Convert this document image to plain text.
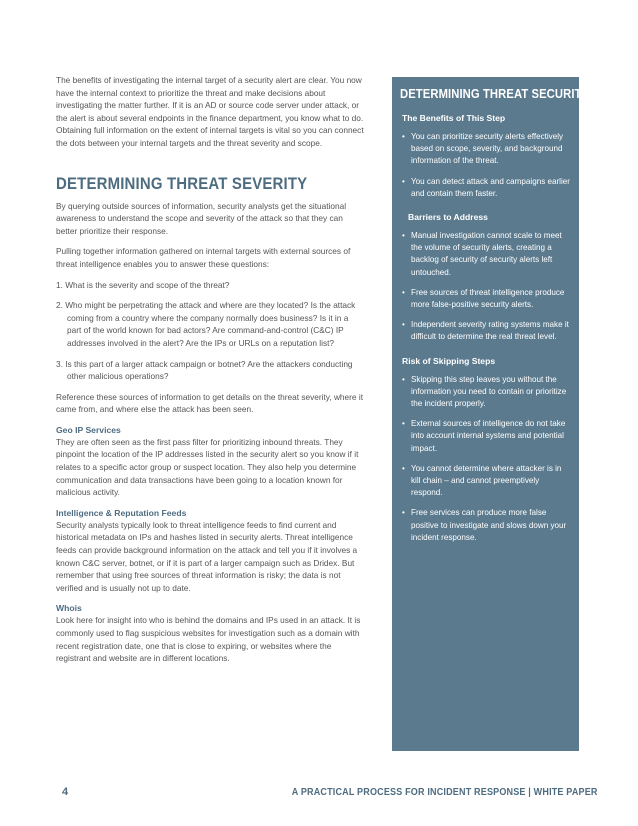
The benefits of investigating the internal target of a security alert are clear. You now have the internal context to prioritize the threat and make decisions about investigating the matter further. If it is an AD or source code server under attack, or the alert is about several endpoints in the finance department, you know what to do. Obtaining full information on the extent of internal targets is vital so you can connect the dots between your internal targets and the threat severity and scope.

DETERMINING THREAT SEVERITY

By querying outside sources of information, security analysts get the situational awareness to understand the scope and severity of the attack so that they can better prioritize their response.

Pulling together information gathered on internal targets with external sources of threat intelligence enables you to answer these questions:

1. What is the severity and scope of the threat?

2. Who might be perpetrating the attack and where are they located? Is the attack coming from a country where the company normally does business? Is it in a part of the world known for bad actors? Are command-and-control (C&C) IP addresses involved in the alert? Are the IPs or URLs on a reputation list?

3. Is this part of a larger attack campaign or botnet? Are the attackers conducting other malicious operations?

Reference these sources of information to get details on the threat severity, where it came from, and where else the attack has been seen.

Geo IP Services

They are often seen as the first pass filter for prioritizing inbound threats. They pinpoint the location of the IP addresses listed in the security alert so you know if it relates to a specific actor group or suspect location. They also help you determine communication and data transactions have been going to a location known for malicious activity.

Intelligence & Reputation Feeds

Security analysts typically look to threat intelligence feeds to find current and historical metadata on IPs and hashes listed in security alerts. Threat intelligence feeds can provide background information on the attack and tell you if it involves a known C&C server, botnet, or if it is part of a larger campaign such as Dridex. But remember that using free sources of threat information is risky; the data is not verified and is usually not up to date.

Whois

Look here for insight into who is behind the domains and IPs used in an attack. It is commonly used to flag suspicious websites for investigation such as a domain with recent registration date, one that is close to expiring, or websites where the registrant and website are in different locations.

DETERMINING THREAT SECURITY
The Benefits of This Step
• You can prioritize security alerts effectively based on scope, severity, and background information of the threat.
• You can detect attack and campaigns earlier and contain them faster.
Barriers to Address
• Manual investigation cannot scale to meet the volume of security alerts, creating a backlog of security of security alerts left untouched.
• Free sources of threat intelligence produce more false-positive security alerts.
• Independent severity rating systems make it difficult to determine the real threat level.
Risk of Skipping Steps
• Skipping this step leaves you without the information you need to contain or prioritize the incident properly.
• External sources of intelligence do not take into account internal systems and potential impact.
• You cannot determine where attacker is in kill chain – and cannot preemptively respond.
• Free services can produce more false positive to investigate and slows down your incident response.
4	A PRACTICAL PROCESS FOR INCIDENT RESPONSE | WHITE PAPER
